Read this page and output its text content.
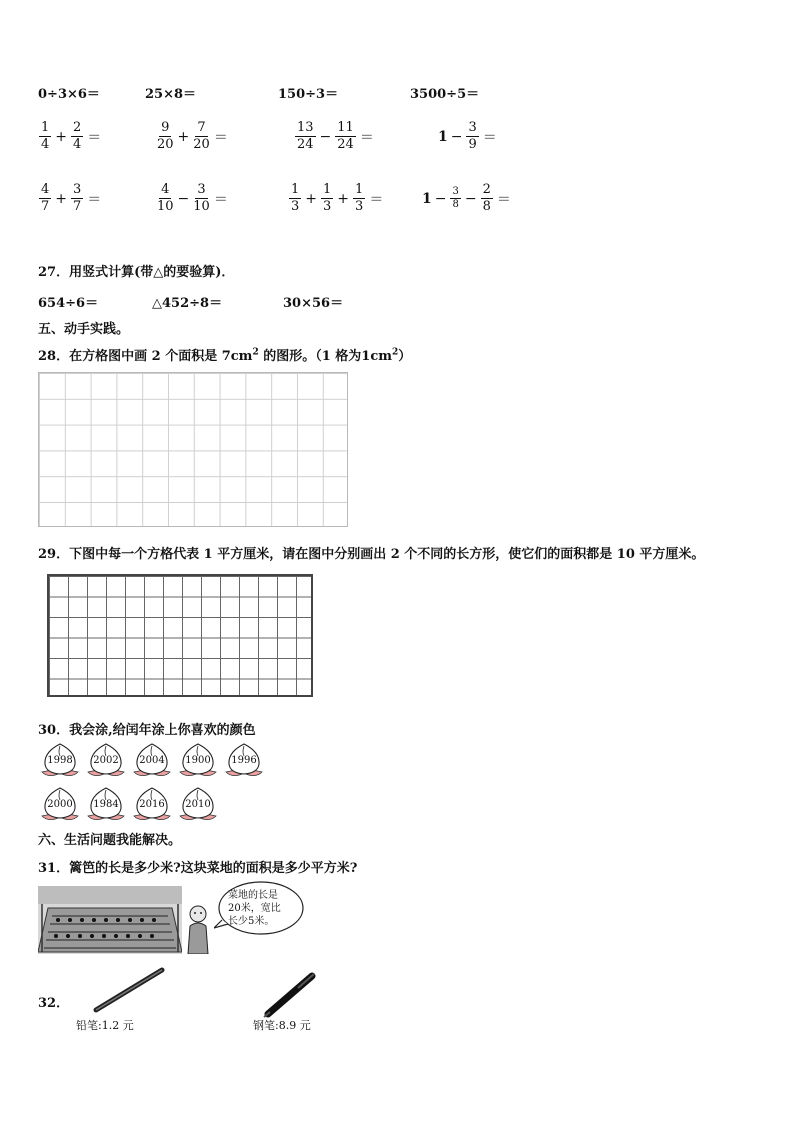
0÷3×6＝	25×8＝	150÷3＝	3500÷5＝
$\frac{1}{4} + \frac{2}{4}$ ＝	$\frac{9}{20} + \frac{7}{20}$ ＝	$\frac{13}{24} - \frac{11}{24}$ ＝	$1 - \frac{3}{9}$ ＝
$\frac{4}{7} + \frac{3}{7}$ ＝	$\frac{4}{10} - \frac{3}{10}$ ＝	$\frac{1}{3} + \frac{1}{3} + \frac{1}{3}$ ＝	$1 - \frac{3}{8} - \frac{2}{8}$ ＝
27．用竖式计算(带△的要验算)．
654÷6＝	△452÷8＝	30×56＝
五、动手实践。
28．在方格图中画 2 个面积是 $7cm^2$ 的图形。（1 格为$1cm^2$）
29．下图中每一个方格代表 1 平方厘米，请在图中分别画出 2 个不同的长方形，使它们的面积都是 10 平方厘米。
30．我会涂,给闰年涂上你喜欢的颜色
1998	2002	2004	1900	1996
2000	1984	2016	2010
六、生活问题我能解决。
31．篱笆的长是多少米?这块菜地的面积是多少平方米?
菜地的长是
20米，宽比
长少5米。
32．
铅笔:1.2 元	钢笔:8.9 元
